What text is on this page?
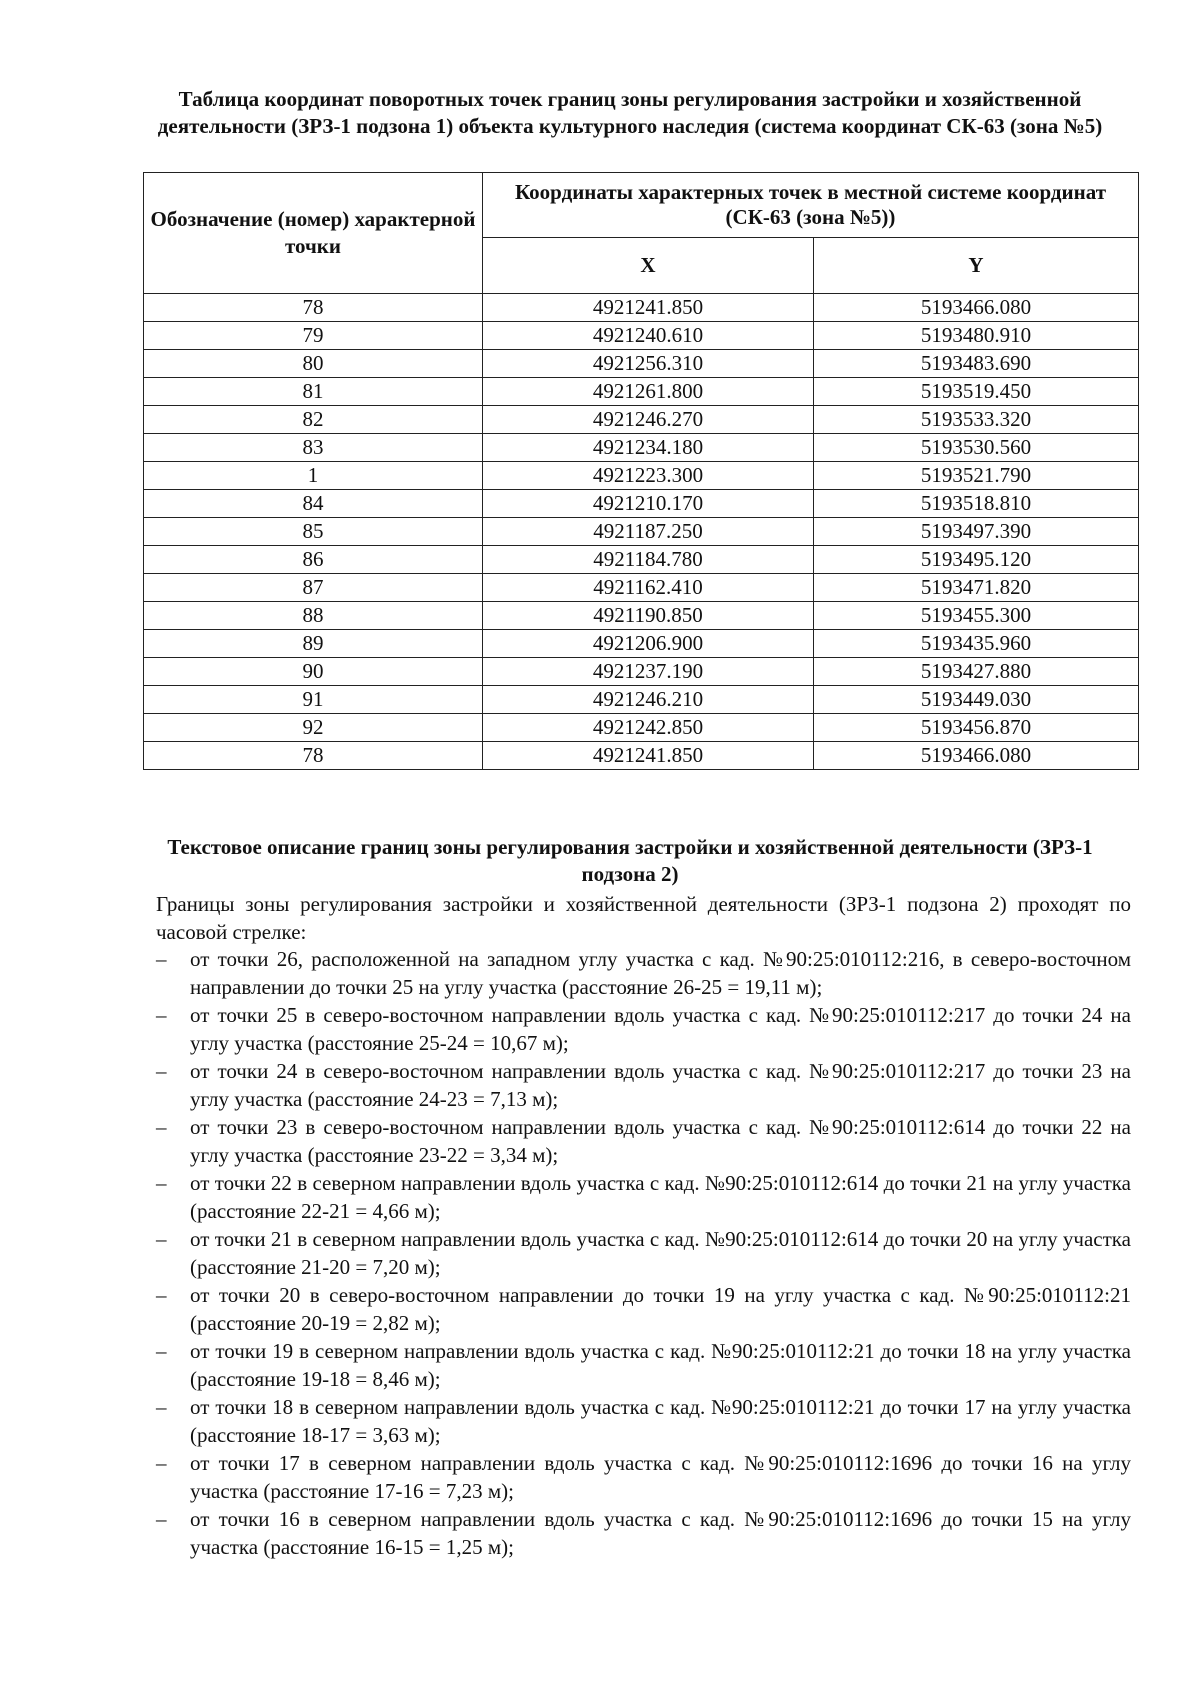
Таблица координат поворотных точек границ зоны регулирования застройки и хозяйственной деятельности (ЗРЗ-1 подзона 1) объекта культурного наследия (система координат СК-63 (зона №5)
Обозначение (номер) характерной точки	Координаты характерных точек в местной системе координат (СК-63 (зона №5))	
	X	Y
78	4921241.850	5193466.080
79	4921240.610	5193480.910
80	4921256.310	5193483.690
81	4921261.800	5193519.450
82	4921246.270	5193533.320
83	4921234.180	5193530.560
1	4921223.300	5193521.790
84	4921210.170	5193518.810
85	4921187.250	5193497.390
86	4921184.780	5193495.120
87	4921162.410	5193471.820
88	4921190.850	5193455.300
89	4921206.900	5193435.960
90	4921237.190	5193427.880
91	4921246.210	5193449.030
92	4921242.850	5193456.870
78	4921241.850	5193466.080
Текстовое описание границ зоны регулирования застройки и хозяйственной деятельности (ЗРЗ-1 подзона 2)
Границы зоны регулирования застройки и хозяйственной деятельности (ЗРЗ-1 подзона 2) проходят по часовой стрелке:
– от точки 26, расположенной на западном углу участка с кад. №90:25:010112:216, в северо-восточном направлении до точки 25 на углу участка (расстояние 26-25 = 19,11 м);
– от точки 25 в северо-восточном направлении вдоль участка с кад. №90:25:010112:217 до точки 24 на углу участка (расстояние 25-24 = 10,67 м);
– от точки 24 в северо-восточном направлении вдоль участка с кад. №90:25:010112:217 до точки 23 на углу участка (расстояние 24-23 = 7,13 м);
– от точки 23 в северо-восточном направлении вдоль участка с кад. №90:25:010112:614 до точки 22 на углу участка (расстояние 23-22 = 3,34 м);
– от точки 22 в северном направлении вдоль участка с кад. №90:25:010112:614 до точки 21 на углу участка (расстояние 22-21 = 4,66 м);
– от точки 21 в северном направлении вдоль участка с кад. №90:25:010112:614 до точки 20 на углу участка (расстояние 21-20 = 7,20 м);
– от точки 20 в северо-восточном направлении до точки 19 на углу участка с кад. №90:25:010112:21 (расстояние 20-19 = 2,82 м);
– от точки 19 в северном направлении вдоль участка с кад. №90:25:010112:21 до точки 18 на углу участка (расстояние 19-18 = 8,46 м);
– от точки 18 в северном направлении вдоль участка с кад. №90:25:010112:21 до точки 17 на углу участка (расстояние 18-17 = 3,63 м);
– от точки 17 в северном направлении вдоль участка с кад. №90:25:010112:1696 до точки 16 на углу участка (расстояние 17-16 = 7,23 м);
– от точки 16 в северном направлении вдоль участка с кад. №90:25:010112:1696 до точки 15 на углу участка (расстояние 16-15 = 1,25 м);
